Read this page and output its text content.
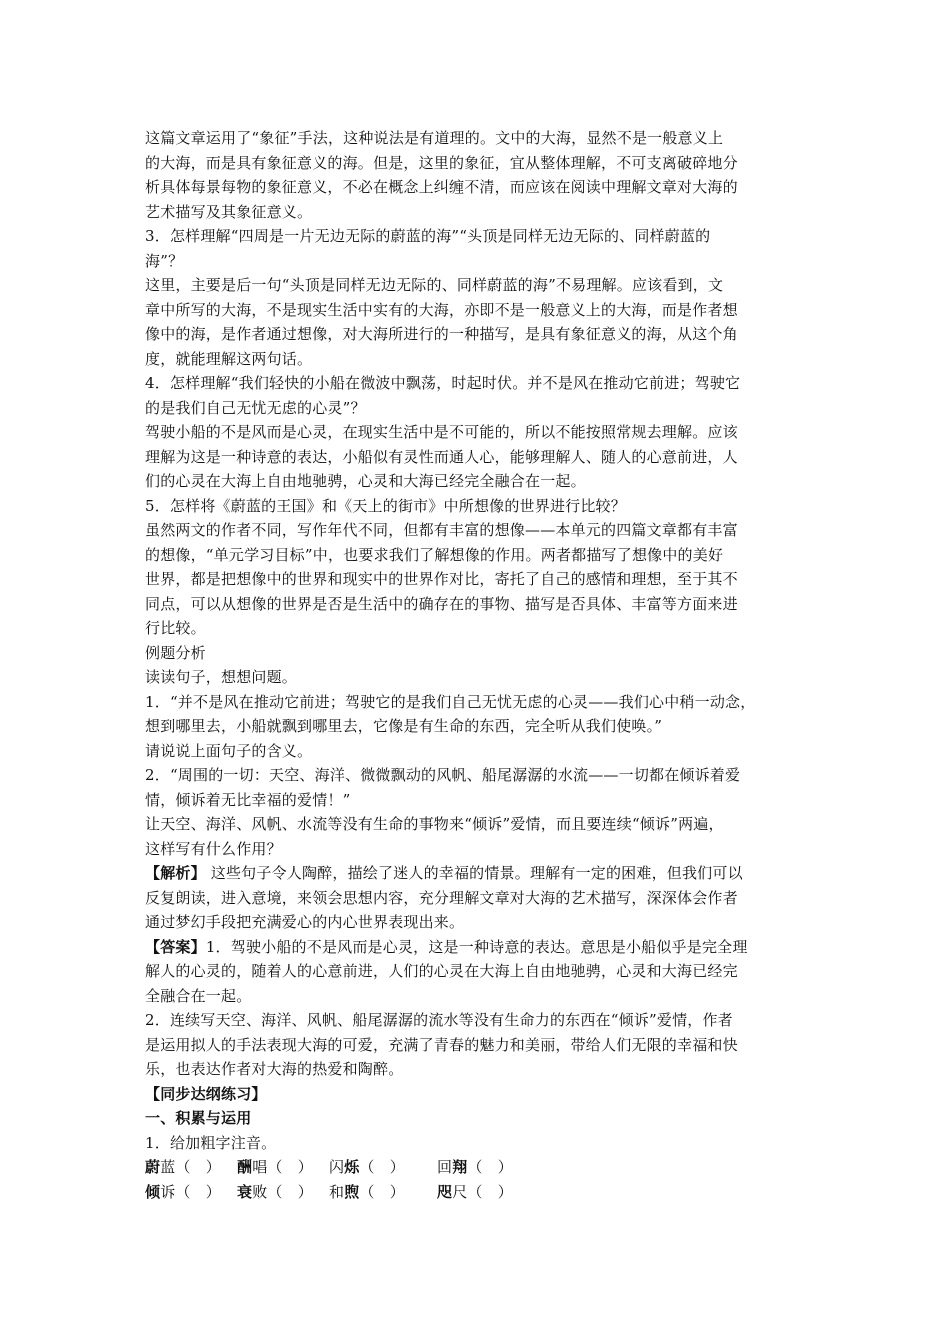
这篇文章运用了“象征”手法，这种说法是有道理的。文中的大海，显然不是一般意义上
的大海，而是具有象征意义的海。但是，这里的象征，宜从整体理解，不可支离破碎地分
析具体每景每物的象征意义，不必在概念上纠缠不清，而应该在阅读中理解文章对大海的
艺术描写及其象征意义。
3．怎样理解“四周是一片无边无际的蔚蓝的海”“头顶是同样无边无际的、同样蔚蓝的
海”？
这里，主要是后一句“头顶是同样无边无际的、同样蔚蓝的海”不易理解。应该看到，文
章中所写的大海，不是现实生活中实有的大海，亦即不是一般意义上的大海，而是作者想
像中的海，是作者通过想像，对大海所进行的一种描写，是具有象征意义的海，从这个角
度，就能理解这两句话。
4．怎样理解“我们轻快的小船在微波中飘荡，时起时伏。并不是风在推动它前进；驾驶它
的是我们自己无忧无虑的心灵”？
驾驶小船的不是风而是心灵，在现实生活中是不可能的，所以不能按照常规去理解。应该
理解为这是一种诗意的表达，小船似有灵性而通人心，能够理解人、随人的心意前进，人
们的心灵在大海上自由地驰骋，心灵和大海已经完全融合在一起。
5．怎样将《蔚蓝的王国》和《天上的街市》中所想像的世界进行比较？
虽然两文的作者不同，写作年代不同，但都有丰富的想像——本单元的四篇文章都有丰富
的想像，“单元学习目标”中，也要求我们了解想像的作用。两者都描写了想像中的美好
世界，都是把想像中的世界和现实中的世界作对比，寄托了自己的感情和理想，至于其不
同点，可以从想像的世界是否是生活中的确存在的事物、描写是否具体、丰富等方面来进
行比较。
例题分析
读读句子，想想问题。
1．“并不是风在推动它前进；驾驶它的是我们自己无忧无虑的心灵——我们心中稍一动念，
想到哪里去，小船就飘到哪里去，它像是有生命的东西，完全听从我们使唤。”
请说说上面句子的含义。
2．“周围的一切：天空、海洋、微微飘动的风帆、船尾潺潺的水流——一切都在倾诉着爱
情，倾诉着无比幸福的爱情！”
让天空、海洋、风帆、水流等没有生命的事物来“倾诉”爱情，而且要连续“倾诉”两遍，
这样写有什么作用？
【解析】 这些句子令人陶醉，描绘了迷人的幸福的情景。理解有一定的困难，但我们可以
反复朗读，进入意境，来领会思想内容，充分理解文章对大海的艺术描写，深深体会作者
通过梦幻手段把充满爱心的内心世界表现出来。
【答案】1．驾驶小船的不是风而是心灵，这是一种诗意的表达。意思是小船似乎是完全理
解人的心灵的，随着人的心意前进，人们的心灵在大海上自由地驰骋，心灵和大海已经完
全融合在一起。
2．连续写天空、海洋、风帆、船尾潺潺的流水等没有生命力的东西在“倾诉”爱情，作者
是运用拟人的手法表现大海的可爱，充满了青春的魅力和美丽，带给人们无限的幸福和快
乐，也表达作者对大海的热爱和陶醉。
【同步达纲练习】
一、积累与运用
1．给加粗字注音。
蔚蓝（　） 酬唱（　） 闪烁（　） 回翔（　）
倾诉（　） 衰败（　） 和煦（　） 咫尺（　）
